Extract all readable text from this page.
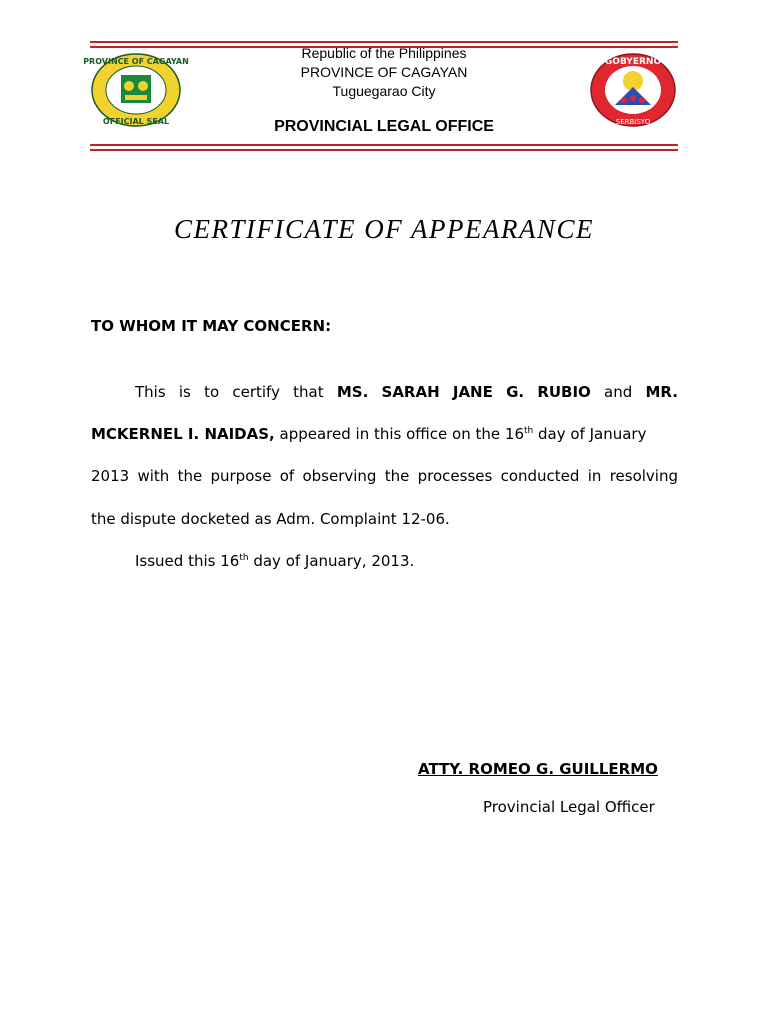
PROVINCE OF CAGAYAN
OFFICIAL SEAL
Republic of the Philippines
PROVINCE OF CAGAYAN
Tuguegarao City
PROVINCIAL LEGAL OFFICE
GOBYERNO
SERBISYO
CERTIFICATE OF APPEARANCE
TO WHOM IT MAY CONCERN:
This is to certify that MS. SARAH JANE G. RUBIO and MR.
MCKERNEL I. NAIDAS, appeared in this office on the 16th day of January
2013 with the purpose of observing the processes conducted in resolving
the dispute docketed as Adm. Complaint 12-06.
Issued this 16th day of January, 2013.
ATTY. ROMEO G. GUILLERMO
Provincial Legal Officer
